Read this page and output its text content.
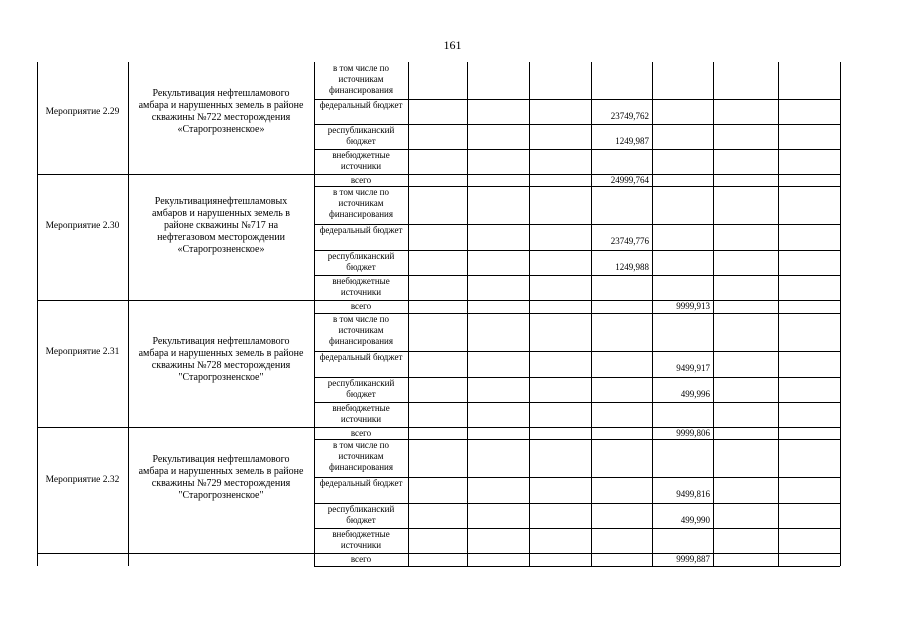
161
Мероприятие 2.29
Рекультивация нефтешламового амбара и нарушенных земель в районе скважины №722 месторождения «Старогрозненское»
в том числе по источникам финансирования
федеральный бюджет
республиканский бюджет
внебюджетные источники
23749,762
1249,987
Мероприятие 2.30
Рекультивациянефтешламовых амбаров и нарушенных земель в районе скважины №717 на нефтегазовом месторождении «Старогрозненское»
всего
в том числе по источникам финансирования
федеральный бюджет
республиканский бюджет
внебюджетные источники
23749,776
1249,988
24999,764
Мероприятие 2.31
Рекультивация нефтешламового амбара и нарушенных земель в районе скважины №728 месторождения "Старогрозненское"
всего
в том числе по источникам финансирования
федеральный бюджет
республиканский бюджет
внебюджетные источники
9499,917
499,996
9999,913
Мероприятие 2.32
Рекультивация нефтешламового амбара и нарушенных земель в районе скважины №729 месторождения "Старогрозненское"
всего
в том числе по источникам финансирования
федеральный бюджет
республиканский бюджет
внебюджетные источники
9499,816
499,990
9999,806
всего	9999,887
